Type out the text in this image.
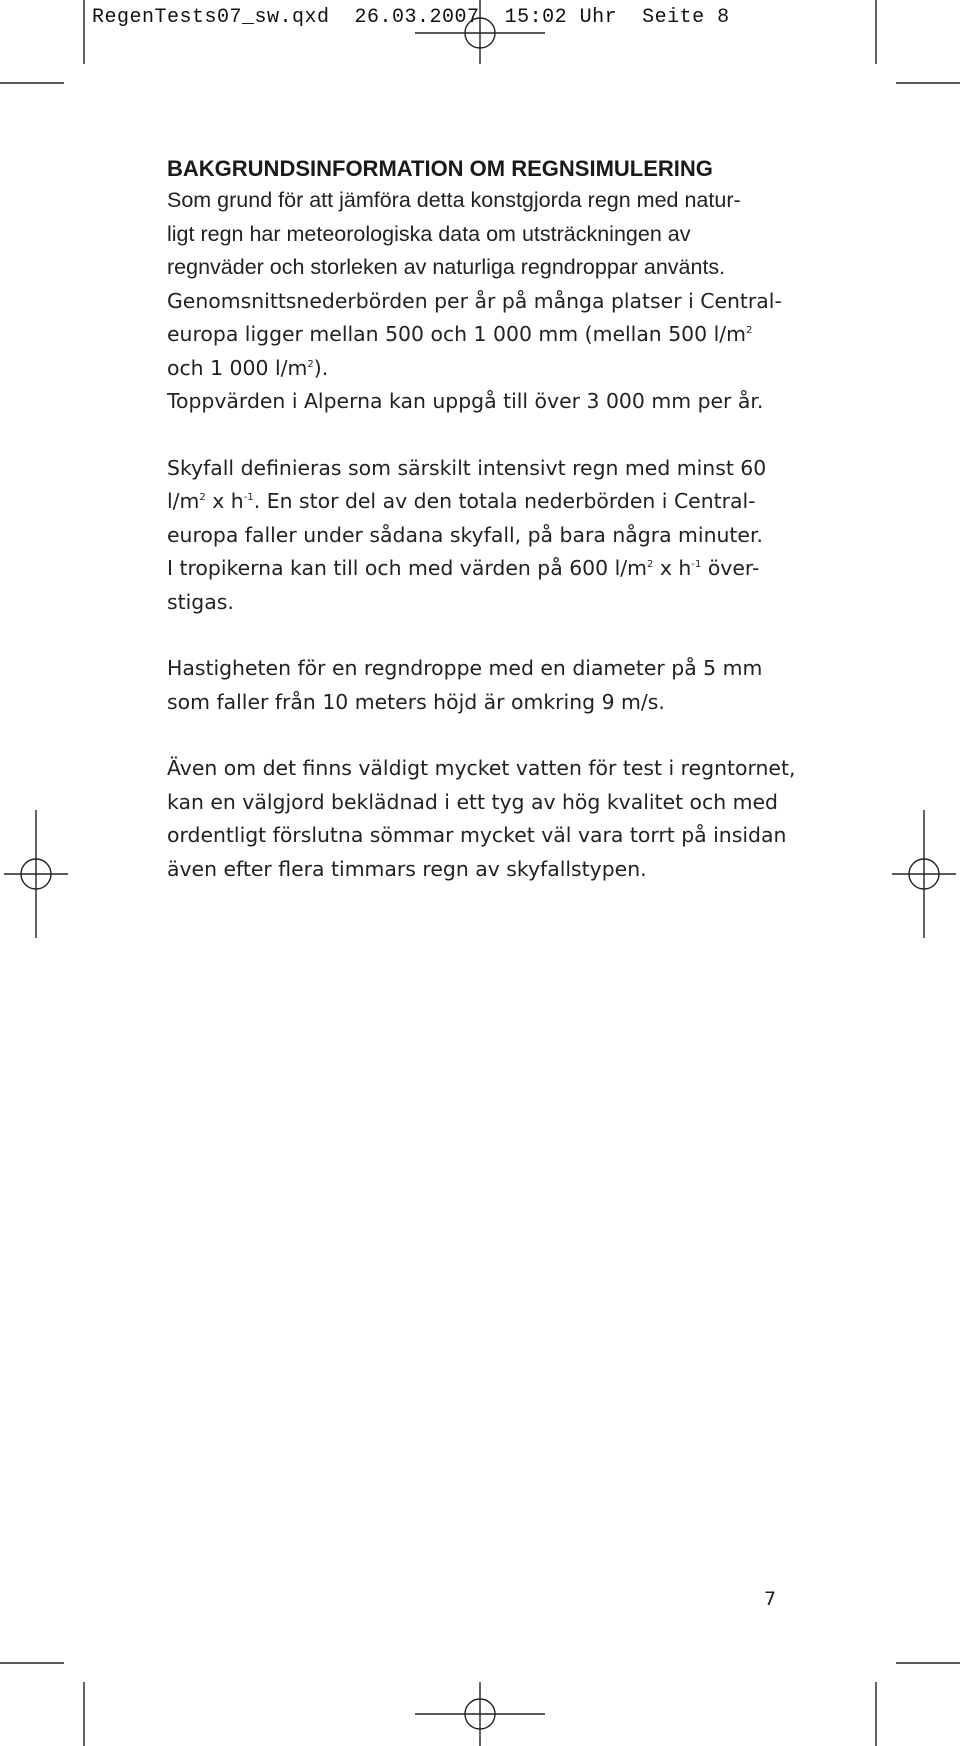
RegenTests07_sw.qxd  26.03.2007  15:02 Uhr  Seite 8

BAKGRUNDSINFORMATION OM REGNSIMULERING

Som grund för att jämföra detta konstgjorda regn med natur-
ligt regn har meteorologiska data om utsträckningen av
regnväder och storleken av naturliga regndroppar använts.

Genomsnittsnederbörden per år på många platser i Central-
europa ligger mellan 500 och 1 000 mm (mellan 500 $l/m^2$
och 1 000 $l/m^2$).
Toppvärden i Alperna kan uppgå till över 3 000 mm per år.

Skyfall definieras som särskilt intensivt regn med minst 60
$l/m^2$ x $h^{-1}$. En stor del av den totala nederbörden i Central-
europa faller under sådana skyfall, på bara några minuter.
I tropikerna kan till och med värden på 600 $l/m^2$ x $h^{-1}$ över-
stigas.

Hastigheten för en regndroppe med en diameter på 5 mm
som faller från 10 meters höjd är omkring 9 m/s.

Även om det finns väldigt mycket vatten för test i regntornet,
kan en välgjord beklädnad i ett tyg av hög kvalitet och med
ordentligt förslutna sömmar mycket väl vara torrt på insidan
även efter flera timmars regn av skyfallstypen.

7
